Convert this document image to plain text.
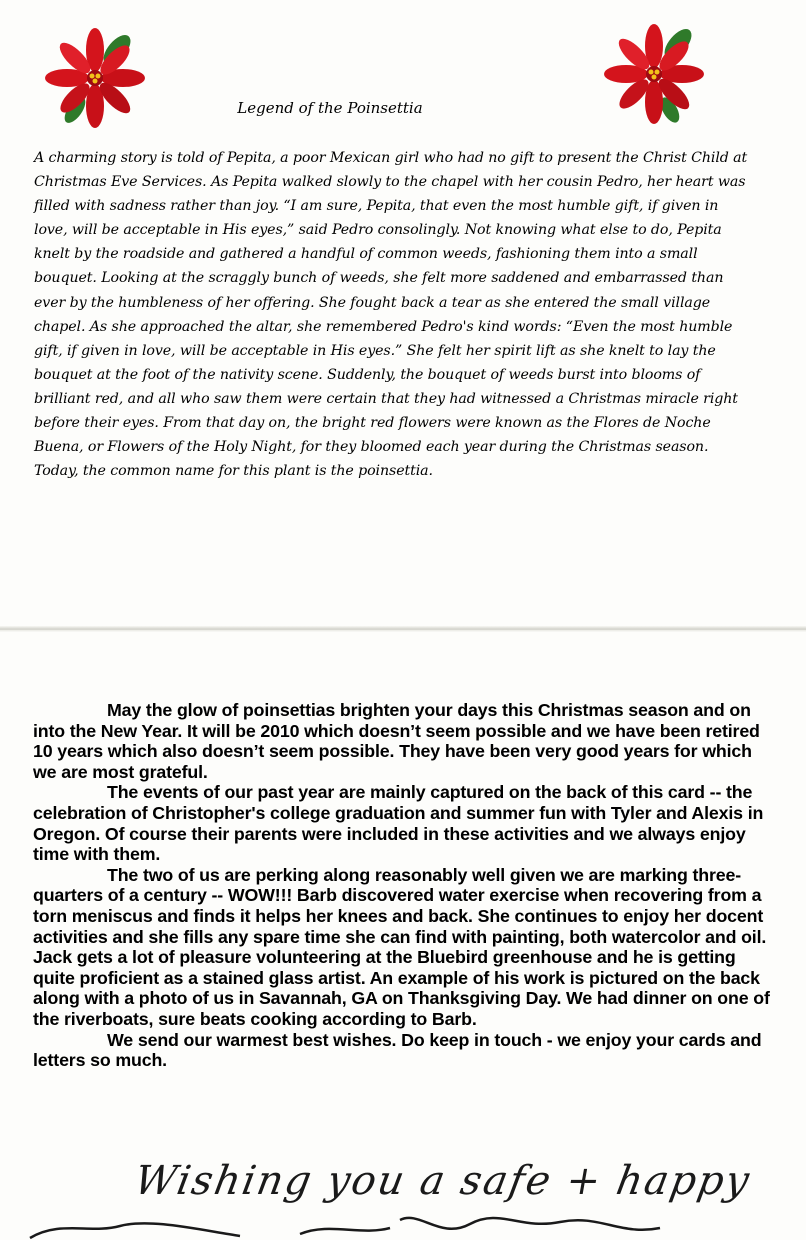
Legend of the Poinsettia

A charming story is told of Pepita, a poor Mexican girl who had no gift to present the Christ Child at Christmas Eve Services. As Pepita walked slowly to the chapel with her cousin Pedro, her heart was filled with sadness rather than joy. “I am sure, Pepita, that even the most humble gift, if given in love, will be acceptable in His eyes,” said Pedro consolingly. Not knowing what else to do, Pepita knelt by the roadside and gathered a handful of common weeds, fashioning them into a small bouquet. Looking at the scraggly bunch of weeds, she felt more saddened and embarrassed than ever by the humbleness of her offering. She fought back a tear as she entered the small village chapel. As she approached the altar, she remembered Pedro's kind words: “Even the most humble gift, if given in love, will be acceptable in His eyes.” She felt her spirit lift as she knelt to lay the bouquet at the foot of the nativity scene. Suddenly, the bouquet of weeds burst into blooms of brilliant red, and all who saw them were certain that they had witnessed a Christmas miracle right before their eyes. From that day on, the bright red flowers were known as the Flores de Noche Buena, or Flowers of the Holy Night, for they bloomed each year during the Christmas season. Today, the common name for this plant is the poinsettia.

May the glow of poinsettias brighten your days this Christmas season and on into the New Year. It will be 2010 which doesn’t seem possible and we have been retired 10 years which also doesn’t seem possible. They have been very good years for which we are most grateful.

The events of our past year are mainly captured on the back of this card -- the celebration of Christopher's college graduation and summer fun with Tyler and Alexis in Oregon. Of course their parents were included in these activities and we always enjoy time with them.

The two of us are perking along reasonably well given we are marking three-quarters of a century -- WOW!!! Barb discovered water exercise when recovering from a torn meniscus and finds it helps her knees and back. She continues to enjoy her docent activities and she fills any spare time she can find with painting, both watercolor and oil. Jack gets a lot of pleasure volunteering at the Bluebird greenhouse and he is getting quite proficient as a stained glass artist. An example of his work is pictured on the back along with a photo of us in Savannah, GA on Thanksgiving Day. We had dinner on one of the riverboats, sure beats cooking according to Barb.

We send our warmest best wishes. Do keep in touch - we enjoy your cards and letters so much.

Wishing you a safe + happy
